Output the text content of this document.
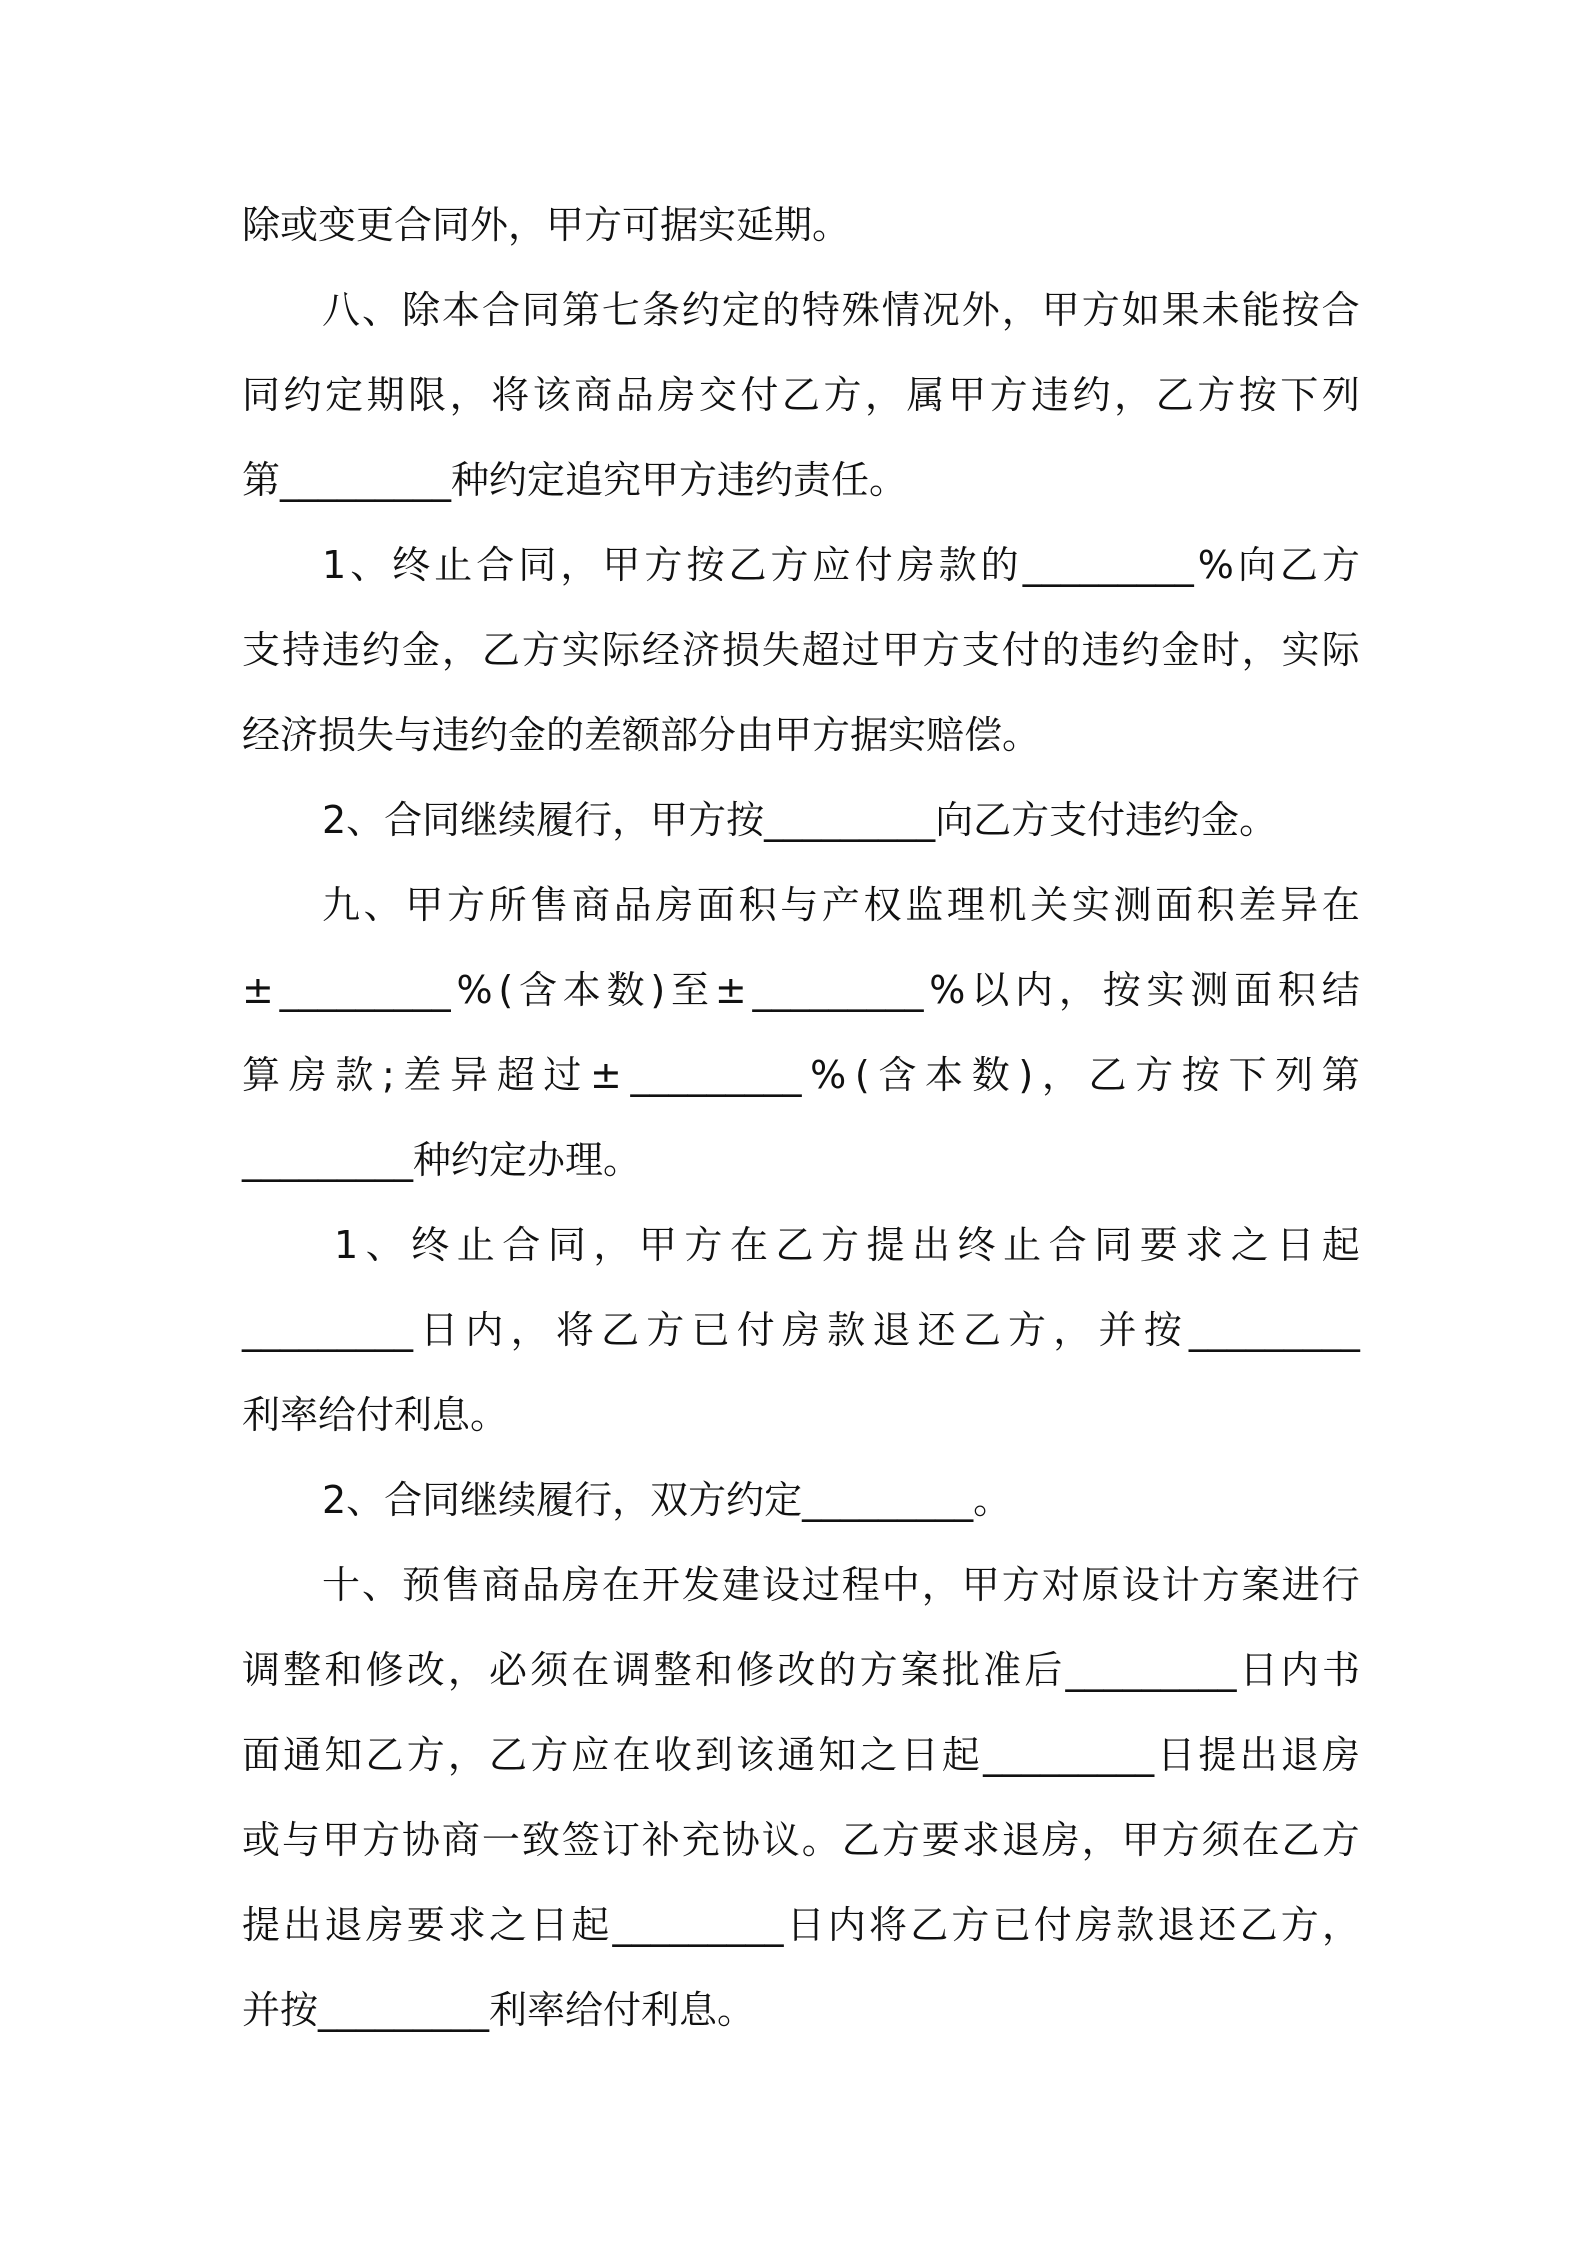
除或变更合同外，甲方可据实延期。

八 、 除 本 合 同 第 七 条 约 定 的 特 殊 情 况 外 ， 甲 方 如 果 未 能 按 合

同 约 定 期 限 ， 将 该 商 品 房 交 付 乙 方 ， 属 甲 方 违 约 ， 乙 方 按 下 列

第_________种约定追究甲方违约责任。

1 、 终 止 合 同 ， 甲 方 按 乙 方 应 付 房 款 的 _________ % 向 乙 方

支 持 违 约 金 ， 乙 方 实 际 经 济 损 失 超 过 甲 方 支 付 的 违 约 金 时 ， 实 际

经济损失与违约金的差额部分由甲方据实赔偿。

2、合同继续履行，甲方按_________向乙方支付违约金。

九 、 甲 方 所 售 商 品 房 面 积 与 产 权 监 理 机 关 实 测 面 积 差 异 在

± _________ % ( 含 本 数 ) 至 ± _________ % 以 内 ， 按 实 测 面 积 结

算 房 款 ; 差 异 超 过 ± _________ % ( 含 本 数 ) ， 乙 方 按 下 列 第

_________种约定办理。

1 、 终 止 合 同 ， 甲 方 在 乙 方 提 出 终 止 合 同 要 求 之 日 起

_________ 日 内 ， 将 乙 方 已 付 房 款 退 还 乙 方 ， 并 按 _________

利率给付利息。

2、合同继续履行，双方约定_________。

十 、 预 售 商 品 房 在 开 发 建 设 过 程 中 ， 甲 方 对 原 设 计 方 案 进 行

调 整 和 修 改 ， 必 须 在 调 整 和 修 改 的 方 案 批 准 后 _________ 日 内 书

面 通 知 乙 方 ， 乙 方 应 在 收 到 该 通 知 之 日 起 _________ 日 提 出 退 房

或 与 甲 方 协 商 一 致 签 订 补 充 协 议 。 乙 方 要 求 退 房 ， 甲 方 须 在 乙 方

提 出 退 房 要 求 之 日 起 _________ 日 内 将 乙 方 已 付 房 款 退 还 乙 方 ，

并按_________利率给付利息。
